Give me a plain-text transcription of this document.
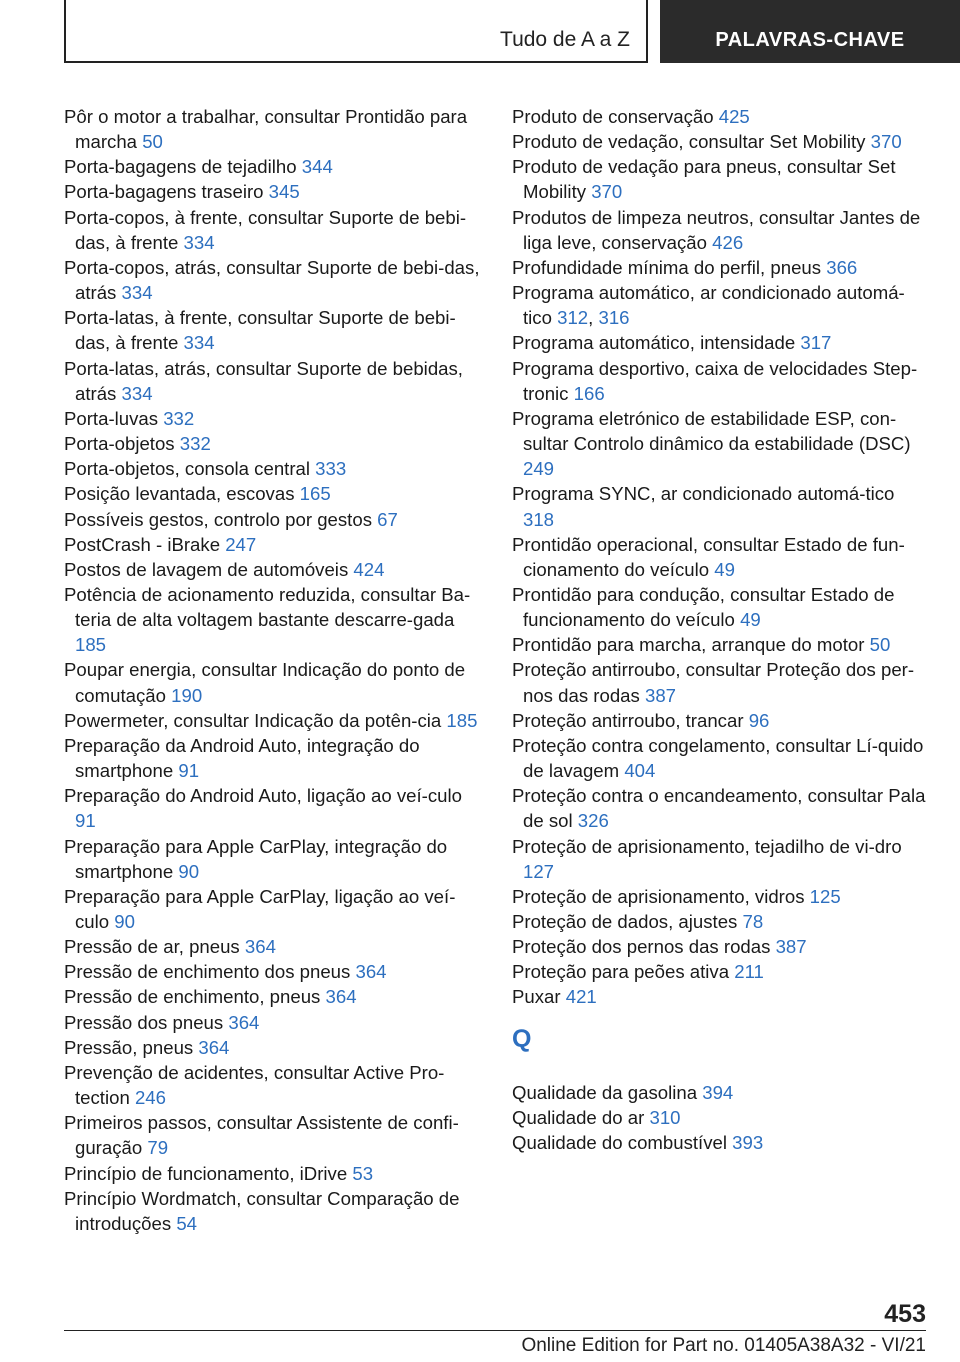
Tudo de A a Z	PALAVRAS-CHAVE
Pôr o motor a trabalhar, consultar Prontidão para marcha 50
Porta-bagagens de tejadilho 344
Porta-bagagens traseiro 345
Porta-copos, à frente, consultar Suporte de bebi-das, à frente 334
Porta-copos, atrás, consultar Suporte de bebi-das, atrás 334
Porta-latas, à frente, consultar Suporte de bebi-das, à frente 334
Porta-latas, atrás, consultar Suporte de bebidas, atrás 334
Porta-luvas 332
Porta-objetos 332
Porta-objetos, consola central 333
Posição levantada, escovas 165
Possíveis gestos, controlo por gestos 67
PostCrash - iBrake 247
Postos de lavagem de automóveis 424
Potência de acionamento reduzida, consultar Ba-teria de alta voltagem bastante descarre-gada 185
Poupar energia, consultar Indicação do ponto de comutação 190
Powermeter, consultar Indicação da potên-cia 185
Preparação da Android Auto, integração do smartphone 91
Preparação do Android Auto, ligação ao veí-culo 91
Preparação para Apple CarPlay, integração do smartphone 90
Preparação para Apple CarPlay, ligação ao veí-culo 90
Pressão de ar, pneus 364
Pressão de enchimento dos pneus 364
Pressão de enchimento, pneus 364
Pressão dos pneus 364
Pressão, pneus 364
Prevenção de acidentes, consultar Active Pro-tection 246
Primeiros passos, consultar Assistente de confi-guração 79
Princípio de funcionamento, iDrive 53
Princípio Wordmatch, consultar Comparação de introduções 54
Produto de conservação 425
Produto de vedação, consultar Set Mobility 370
Produto de vedação para pneus, consultar Set Mobility 370
Produtos de limpeza neutros, consultar Jantes de liga leve, conservação 426
Profundidade mínima do perfil, pneus 366
Programa automático, ar condicionado automá-tico 312, 316
Programa automático, intensidade 317
Programa desportivo, caixa de velocidades Step-tronic 166
Programa eletrónico de estabilidade ESP, con-sultar Controlo dinâmico da estabilidade (DSC) 249
Programa SYNC, ar condicionado automá-tico 318
Prontidão operacional, consultar Estado de fun-cionamento do veículo 49
Prontidão para condução, consultar Estado de funcionamento do veículo 49
Prontidão para marcha, arranque do motor 50
Proteção antirroubo, consultar Proteção dos per-nos das rodas 387
Proteção antirroubo, trancar 96
Proteção contra congelamento, consultar Lí-quido de lavagem 404
Proteção contra o encandeamento, consultar Pala de sol 326
Proteção de aprisionamento, tejadilho de vi-dro 127
Proteção de aprisionamento, vidros 125
Proteção de dados, ajustes 78
Proteção dos pernos das rodas 387
Proteção para peões ativa 211
Puxar 421
Q
Qualidade da gasolina 394
Qualidade do ar 310
Qualidade do combustível 393
453
Online Edition for Part no. 01405A38A32 - VI/21
